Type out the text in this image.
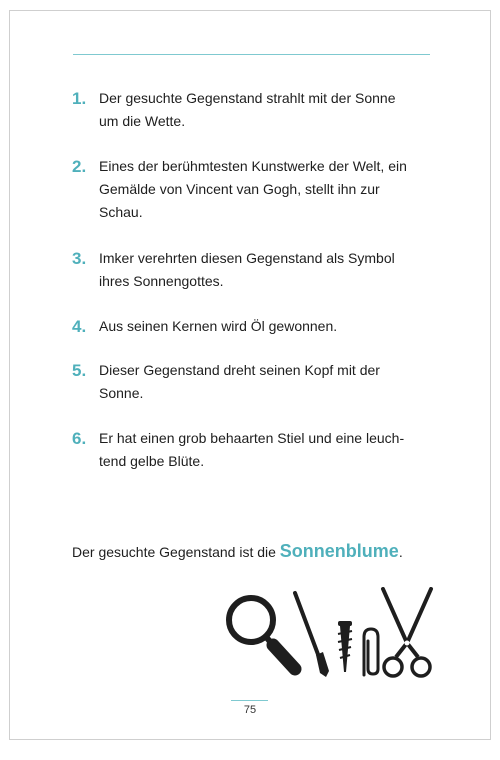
1. Der gesuchte Gegenstand strahlt mit der Sonne
um die Wette.
2. Eines der berühmtesten Kunstwerke der Welt, ein
Gemälde von Vincent van Gogh, stellt ihn zur
Schau.
3. Imker verehrten diesen Gegenstand als Symbol
ihres Sonnengottes.
4. Aus seinen Kernen wird Öl gewonnen.
5. Dieser Gegenstand dreht seinen Kopf mit der
Sonne.
6. Er hat einen grob behaarten Stiel und eine leuch-
tend gelbe Blüte.
Der gesuchte Gegenstand ist die Sonnenblume.
75
